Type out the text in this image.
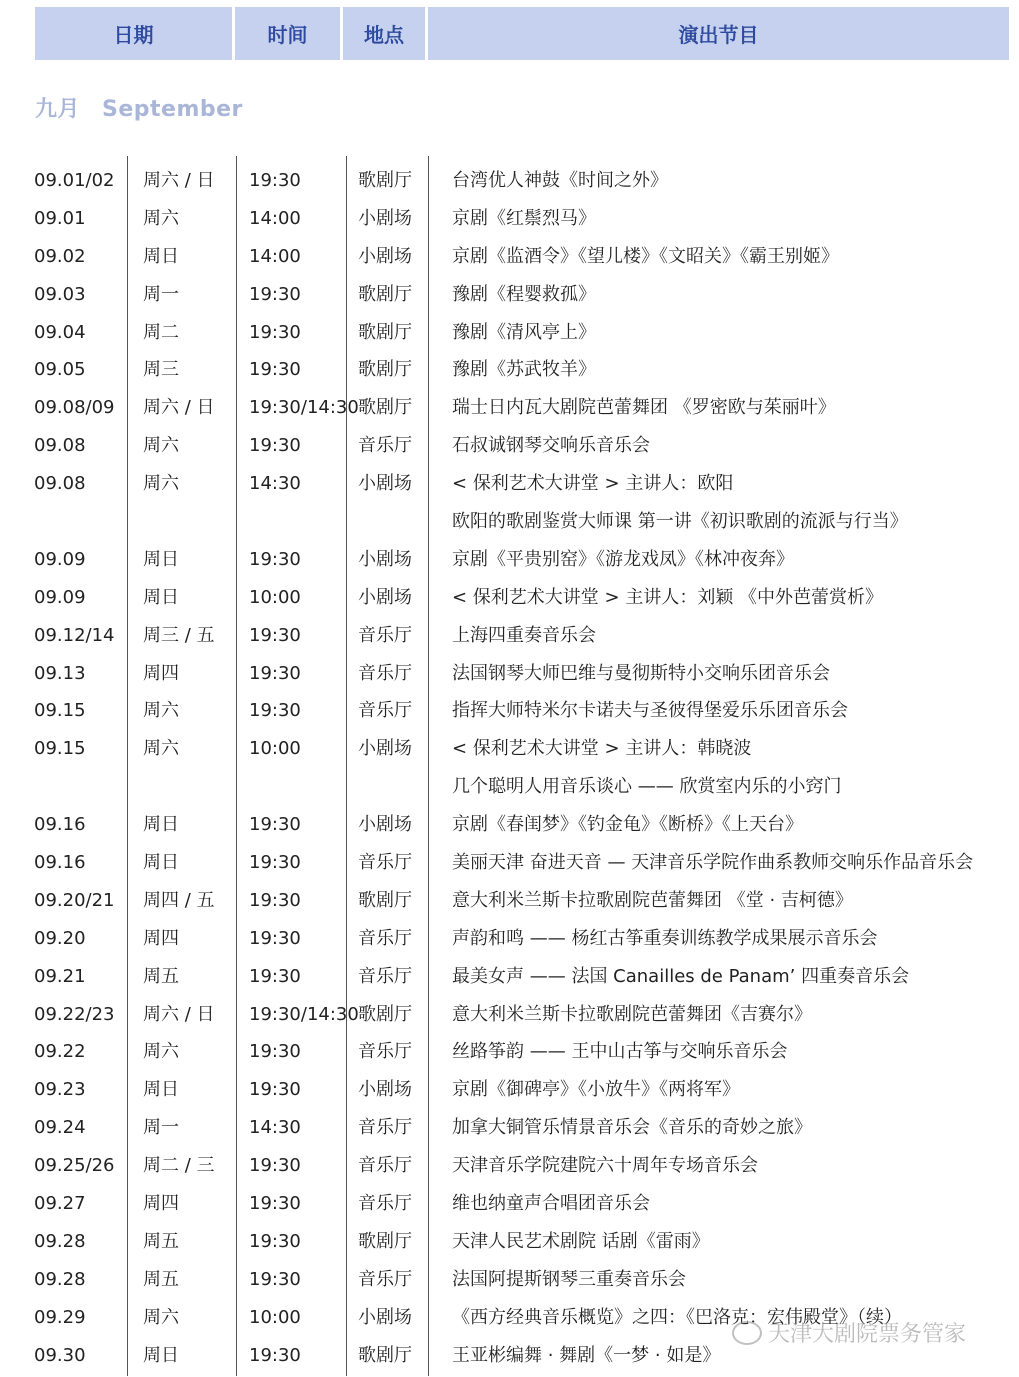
日期	时间	地点	演出节目
九月 September
09.01/02 周六 / 日 19:30	歌剧厅 台湾优人神鼓《时间之外》
09.01	周六	14:00	小剧场 京剧《红鬃烈马》
09.02	周日	14:00	小剧场 京剧《监酒令》《望儿楼》《文昭关》《霸王别姬》
09.03	周一	19:30	歌剧厅 豫剧《程婴救孤》
09.04	周二	19:30	歌剧厅 豫剧《清风亭上》
09.05	周三	19:30	歌剧厅 豫剧《苏武牧羊》
09.08/09 周六 / 日 19:30/14:30 歌剧厅 瑞士日内瓦大剧院芭蕾舞团 《罗密欧与茱丽叶》
09.08	周六	19:30	音乐厅 石叔诚钢琴交响乐音乐会
09.08	周六	14:30	小剧场 < 保利艺术大讲堂 > 主讲人：欧阳
欧阳的歌剧鉴赏大师课 第一讲《初识歌剧的流派与行当》
09.09	周日	19:30	小剧场 京剧《平贵别窑》《游龙戏凤》《林冲夜奔》
09.09	周日	10:00	小剧场 < 保利艺术大讲堂 > 主讲人：刘颖 《中外芭蕾赏析》
09.12/14 周三 / 五 19:30	音乐厅 上海四重奏音乐会
09.13	周四	19:30	音乐厅 法国钢琴大师巴维与曼彻斯特小交响乐团音乐会
09.15	周六	19:30	音乐厅 指挥大师特米尔卡诺夫与圣彼得堡爱乐乐团音乐会
09.15	周六	10:00	小剧场 < 保利艺术大讲堂 > 主讲人：韩晓波
几个聪明人用音乐谈心 —— 欣赏室内乐的小窍门
09.16	周日	19:30	小剧场 京剧《春闺梦》《钓金龟》《断桥》《上天台》
09.16	周日	19:30	音乐厅 美丽天津 奋进天音 — 天津音乐学院作曲系教师交响乐作品音乐会
09.20/21 周四 / 五 19:30	歌剧厅 意大利米兰斯卡拉歌剧院芭蕾舞团 《堂 · 吉柯德》
09.20	周四	19:30	音乐厅 声韵和鸣 —— 杨红古筝重奏训练教学成果展示音乐会
09.21	周五	19:30	音乐厅 最美女声 —— 法国 Canailles de Panam’ 四重奏音乐会
09.22/23 周六 / 日 19:30/14:30 歌剧厅 意大利米兰斯卡拉歌剧院芭蕾舞团《吉赛尔》
09.22	周六	19:30	音乐厅 丝路筝韵 —— 王中山古筝与交响乐音乐会
09.23	周日	19:30	小剧场 京剧《御碑亭》《小放牛》《两将军》
09.24	周一	14:30	音乐厅 加拿大铜管乐情景音乐会《音乐的奇妙之旅》
09.25/26 周二 / 三 19:30	音乐厅 天津音乐学院建院六十周年专场音乐会
09.27	周四	19:30	音乐厅 维也纳童声合唱团音乐会
09.28	周五	19:30	歌剧厅 天津人民艺术剧院 话剧《雷雨》
09.28	周五	19:30	音乐厅 法国阿提斯钢琴三重奏音乐会
09.29	周六	10:00	小剧场 《西方经典音乐概览》之四：《巴洛克：宏伟殿堂》（续）
09.30	周日	19:30	歌剧厅 王亚彬编舞 · 舞剧《一梦 · 如是》
天津大剧院票务管家
